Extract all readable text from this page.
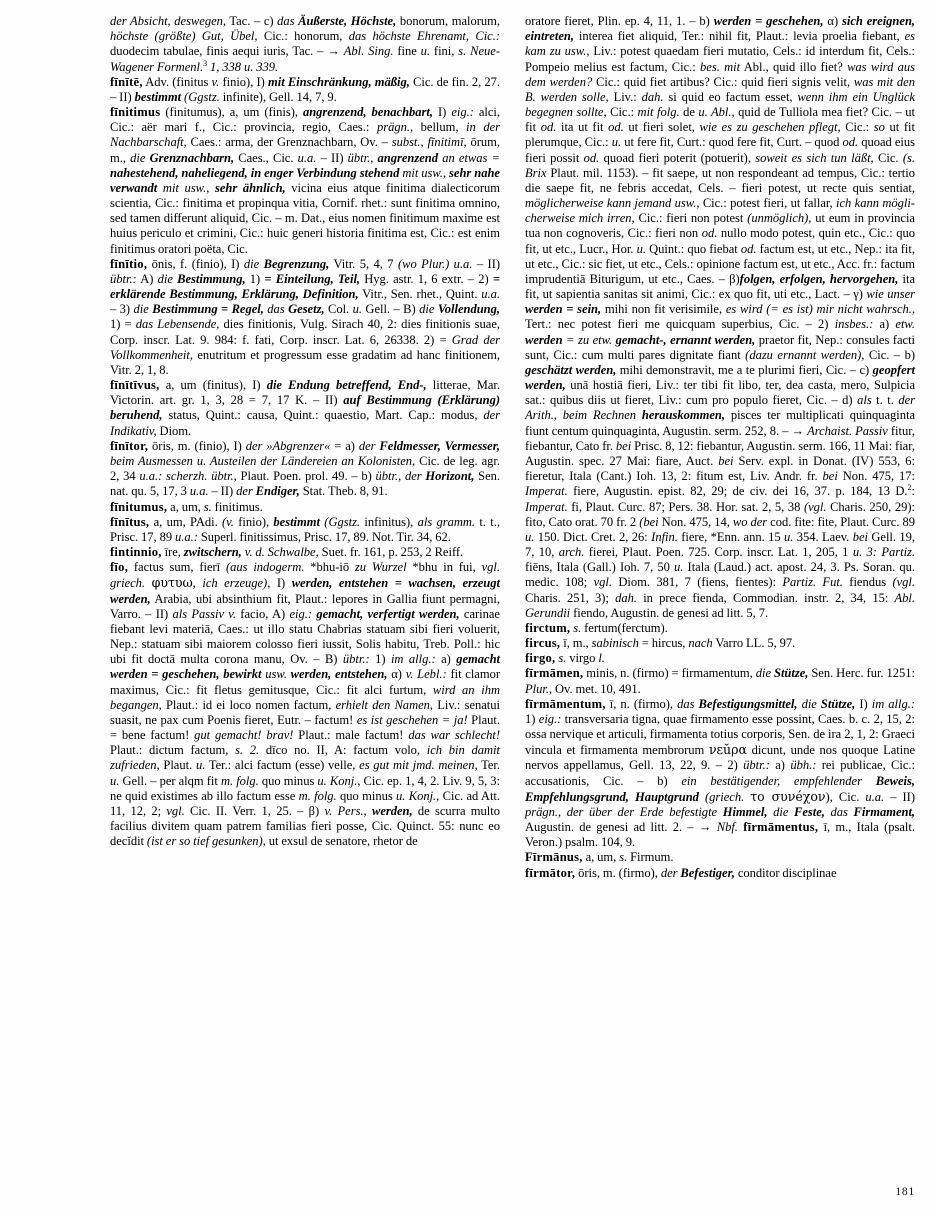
der Absicht, deswegen, Tac. – c) das Äußerste, Höchste, bonorum, malorum, höchste (größte) Gut, Übel, Cic.: honorum, das höchste Ehrenamt, Cic.: duodecim tabulae, finis aequi iuris, Tac. – → Abl. Sing. fine u. fini, s. Neue-Wagener Formenl.$^3$ 1, 338 u. 339.

fīnītē, Adv. (finitus v. finio), I) mit Einschränkung, mäßig, Cic. de fin. 2, 27. – II) bestimmt (Ggstz. infinite), Gell. 14, 7, 9.

fīnitimus (finitumus), a, um (finis), angrenzend, benachbart, I) eig.: alci, Cic.: aër mari f., Cic.: provincia, regio, Caes.: prägn., bellum, in der Nachbarschaft, Caes.: arma, der Grenznachbarn, Ov. – subst., fīnitimī, ōrum, m., die Grenznachbarn, Caes., Cic. u.a. – II) übtr., angrenzend an etwas = nahestehend, naheliegend, in enger Verbindung stehend mit usw., sehr nahe verwandt mit usw., sehr ähnlich, vicina eius atque finitima dialecticorum scientia, Cic.: finitima et propinqua vitia, Cornif. rhet.: sunt finitima omnino, sed tamen differunt aliquid, Cic. – m. Dat., eius nomen finitimum maxime est huius periculo et crimini, Cic.: huic generi historia finitima est, Cic.: est enim finitimus oratori poëta, Cic.

fīnītio, ōnis, f. (finio), I) die Begrenzung, Vitr. 5, 4, 7 (wo Plur.) u.a. – II) übtr.: A) die Bestimmung, 1) = Einteilung, Teil, Hyg. astr. 1, 6 extr. – 2) = erklärende Bestimmung, Erklärung, Definition, Vitr., Sen. rhet., Quint. u.a. – 3) die Bestimmung = Regel, das Gesetz, Col. u. Gell. – B) die Vollendung, 1) = das Lebensende, dies finitionis, Vulg. Sirach 40, 2: dies finitionis suae, Corp. inscr. Lat. 9. 984: f. fati, Corp. inscr. Lat. 6, 26338. 2) = Grad der Vollkommenheit, enutritum et progressum esse gradatim ad hanc finitionem, Vitr. 2, 1, 8.

fīnītīvus, a, um (finitus), I) die Endung betreffend, End-, litterae, Mar. Victorin. art. gr. 1, 3, 28 = 7, 17 K. – II) auf Bestimmung (Erklärung) beruhend, status, Quint.: causa, Quint.: quaestio, Mart. Cap.: modus, der Indikativ, Diom.

fīnītor, ōris, m. (finio), I) der »Abgrenzer« = a) der Feldmesser, Vermesser, beim Ausmessen u. Austeilen der Ländereien an Kolonisten, Cic. de leg. agr. 2, 34 u.a.: scherzh. übtr., Plaut. Poen. prol. 49. – b) übtr., der Horizont, Sen. nat. qu. 5, 17, 3 u.a. – II) der Endiger, Stat. Theb. 8, 91.

fīnitumus, a, um, s. finitimus.

fīnītus, a, um, PAdi. (v. finio), bestimmt (Ggstz. infinitus), als gramm. t. t., Prisc. 17, 89 u.a.: Superl. finitissimus, Prisc. 17, 89. Not. Tir. 34, 62.

fintinnio, īre, zwitschern, v. d. Schwalbe, Suet. fr. 161, p. 253, 2 Reiff.

fīo, factus sum, fierī (aus indogerm. *bhu-iō zu Wurzel *bhu in fui, vgl. griech. φυτυω, ich erzeuge), I) werden, entstehen = wachsen, erzeugt werden, Arabia, ubi absinthium fit, Plaut.: lepores in Gallia fiunt permagni, Varro. – II) als Passiv v. facio, A) eig.: gemacht, verfertigt werden, carinae fiebant levi materiā, Caes.: ut illo statu Chabrias statuam sibi fieri voluerit, Nep.: statuam sibi maiorem colosso fieri iussit, Solis habitu, Treb. Poll.: hic ubi fit doctā multa corona manu, Ov. – B) übtr.: 1) im allg.: a) gemacht werden = geschehen, bewirkt usw. werden, entstehen, α) v. Lebl.: fit clamor maximus, Cic.: fit fletus gemitusque, Cic.: fit alci furtum, wird an ihm begangen, Plaut.: id ei loco nomen factum, erhielt den Namen, Liv.: senatui suasit, ne pax cum Poenis fieret, Eutr. – factum! es ist geschehen = ja! Plaut. = bene factum! gut gemacht! brav! Plaut.: male factum! das war schlecht! Plaut.: dictum factum, s. 2. dīco no. II, A: factum volo, ich bin damit zufrieden, Plaut. u. Ter.: alci factum (esse) velle, es gut mit jmd. meinen, Ter. u. Gell. – per alqm fit m. folg. quo minus u. Konj., Cic. ep. 1, 4, 2. Liv. 9, 5, 3: ne quid existimes ab illo factum esse m. folg. quo minus u. Konj., Cic. ad Att. 11, 12, 2; vgl. Cic. II. Verr. 1, 25. – β) v. Pers., werden, de scurra multo facilius divitem quam patrem familias fieri posse, Cic. Quinct. 55: nunc eo decĭdit (ist er so tief gesunken), ut exsul de senatore, rhetor de

oratore fieret, Plin. ep. 4, 11, 1. – b) werden = geschehen, α) sich ereignen, eintreten, interea fiet aliquid, Ter.: nihil fit, Plaut.: levia proelia fiebant, es kam zu usw., Liv.: potest quaedam fieri mutatio, Cels.: id interdum fit, Cels.: Pompeio melius est factum, Cic.: bes. mit Abl., quid illo fiet? was wird aus dem werden? Cic.: quid fiet artibus? Cic.: quid fieri signis velit, was mit den B. werden solle, Liv.: dah. si quid eo factum esset, wenn ihm ein Unglück begegnen sollte, Cic.: mit folg. de u. Abl., quid de Tulliola mea fiet? Cic. – ut fit od. ita ut fit od. ut fieri solet, wie es zu geschehen pflegt, Cic.: so ut fit plerumque, Cic.: u. ut fere fit, Curt.: quod fere fit, Curt. – quod od. quoad eius fieri possit od. quoad fieri poterit (potuerit), soweit es sich tun läßt, Cic. (s. Brix Plaut. mil. 1153). – fit saepe, ut non respondeant ad tempus, Cic.: tertio die saepe fit, ne febris accedat, Cels. – fieri potest, ut recte quis sentiat, möglicherweise kann jemand usw., Cic.: potest fieri, ut fallar, ich kann möglicherweise mich irren, Cic.: fieri non potest (unmöglich), ut eum in provincia tua non cognoveris, Cic.: fieri non od. nullo modo potest, quin etc., Cic.: quo fit, ut etc., Lucr., Hor. u. Quint.: quo fiebat od. factum est, ut etc., Nep.: ita fit, ut etc., Cic.: sic fiet, ut etc., Cels.: opinione factum est, ut etc., Acc. fr.: factum imprudentiā Biturigum, ut etc., Caes. – β)folgen, erfolgen, hervorgehen, ita fit, ut sapientia sanitas sit animi, Cic.: ex quo fit, uti etc., Lact. – γ) wie unser werden = sein, mihi non fit verisimile, es wird (= es ist) mir nicht wahrsch., Tert.: nec potest fieri me quicquam superbius, Cic. – 2) insbes.: a) etw. werden = zu etw. gemacht-, ernannt werden, praetor fit, Nep.: consules facti sunt, Cic.: cum multi pares dignitate fiant (dazu ernannt werden), Cic. – b) geschätzt werden, mihi demonstravit, me a te plurimi fieri, Cic. – c) geopfert werden, unā hostiā fieri, Liv.: ter tibi fit libo, ter, dea casta, mero, Sulpicia sat.: quibus diis ut fieret, Liv.: cum pro populo fieret, Cic. – d) als t. t. der Arith., beim Rechnen herauskommen, pisces ter multiplicati quinquaginta fiunt centum quinquaginta, Augustin. serm. 252, 8. – → Archaist. Passiv fitur, fiebantur, Cato fr. bei Prisc. 8, 12: fiebantur, Augustin. serm. 166, 11 Mai: fiar, Augustin. spec. 27 Mai: fiare, Auct. bei Serv. expl. in Donat. (IV) 553, 6: fieretur, Itala (Cant.) Ioh. 13, 2: fitum est, Liv. Andr. fr. bei Non. 475, 17: Imperat. fiere, Augustin. epist. 82, 29; de civ. dei 16, 37. p. 184, 13 D.$^2$: Imperat. fi, Plaut. Curc. 87; Pers. 38. Hor. sat. 2, 5, 38 (vgl. Charis. 250, 29): fito, Cato orat. 70 fr. 2 (bei Non. 475, 14, wo der cod. fite: fite, Plaut. Curc. 89 u. 150. Dict. Cret. 2, 26: Infin. fiere, *Enn. ann. 15 u. 354. Laev. bei Gell. 19, 7, 10, arch. fierei, Plaut. Poen. 725. Corp. inscr. Lat. 1, 205, 1 u. 3: Partiz. fiēns, Itala (Gall.) Ioh. 7, 50 u. Itala (Laud.) act. apost. 24, 3. Ps. Soran. qu. medic. 108; vgl. Diom. 381, 7 (fiens, fientes): Partiz. Fut. fiendus (vgl. Charis. 251, 3); dah. in prece fienda, Commodian. instr. 2, 34, 15: Abl. Gerundii fiendo, Augustin. de genesi ad litt. 5, 7.

firctum, s. fertum(ferctum).

fircus, ī, m., sabinisch = hircus, nach Varro LL. 5, 97.

firgo, s. virgo l.

fīrmāmen, minis, n. (firmo) = firmamentum, die Stütze, Sen. Herc. fur. 1251: Plur., Ov. met. 10, 491.

fīrmāmentum, ī, n. (firmo), das Befestigungsmittel, die Stütze, I) im allg.: 1) eig.: transversaria tigna, quae firmamento esse possint, Caes. b. c. 2, 15, 2: ossa nervique et articuli, firmamenta totius corporis, Sen. de ira 2, 1, 2: Graeci vincula et firmamenta membrorum νεŭρα dicunt, unde nos quoque Latine nervos appellamus, Gell. 13, 22, 9. – 2) übtr.: a) übh.: rei publicae, Cic.: accusationis, Cic. – b) ein bestätigender, empfehlender Beweis, Empfehlungsgrund, Hauptgrund (griech. το συνéχον), Cic. u.a. – II) prägn., der über der Erde befestigte Himmel, die Feste, das Firmament, Augustin. de genesi ad litt. 2. – → Nbf. fīrmāmentus, ī, m., Itala (psalt. Veron.) psalm. 104, 9.

Fīrmānus, a, um, s. Firmum.

fīrmātor, ōris, m. (firmo), der Befestiger, conditor disciplinae

181
